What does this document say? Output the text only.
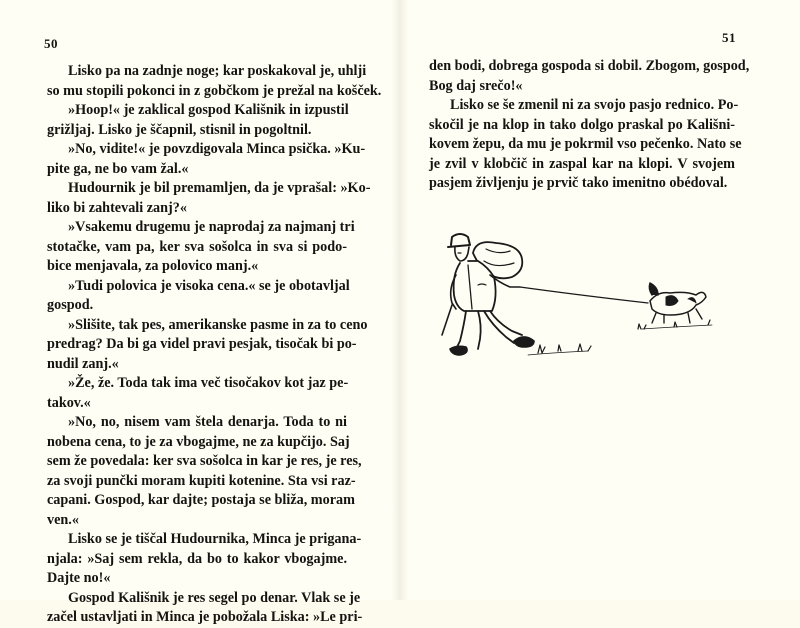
50
Lisko pa na zadnje noge; kar poskakoval je, uhlji
so mu stopili pokonci in z gobčkom je prežal na košček.
»Hoop!« je zaklical gospod Kališnik in izpustil
grižljaj. Lisko je ščapnil, stisnil in pogoltnil.
»No, vidite!« je povzdigovala Minca psička. »Ku-
pite ga, ne bo vam žal.«
Hudournik je bil premamljen, da je vprašal: »Ko-
liko bi zahtevali zanj?«
»Vsakemu drugemu je naprodaj za najmanj tri
stotačke, vam pa, ker sva sošolca in sva si podo-
bice menjavala, za polovico manj.«
»Tudi polovica je visoka cena.« se je obotavljal
gospod.
»Slišite, tak pes, amerikanske pasme in za to ceno
predrag? Da bi ga videl pravi pesjak, tisočak bi po-
nudil zanj.«
»Že, že. Toda tak ima več tisočakov kot jaz pe-
takov.«
»No, no, nisem vam štela denarja. Toda to ni
nobena cena, to je za vbogajme, ne za kupčijo. Saj
sem že povedala: ker sva sošolca in kar je res, je res,
za svoji punčki moram kupiti kotenine. Sta vsi raz-
capani. Gospod, kar dajte; postaja se bliža, moram
ven.«
Lisko se je tiščal Hudournika, Minca je prigana-
njala: »Saj sem rekla, da bo to kakor vbogajme.
Dajte no!«
Gospod Kališnik je res segel po denar. Vlak se je
začel ustavljati in Minca je pobožala Liska: »Le pri-
51
den bodi, dobrega gospoda si dobil. Zbogom, gospod,
Bog daj srečo!«
Lisko se še zmenil ni za svojo pasjo rednico. Po-
skočil je na klop in tako dolgo praskal po Kališni-
kovem žepu, da mu je pokrmil vso pečenko. Nato se
je zvil v klobčič in zaspal kar na klopi. V svojem
pasjem življenju je prvič tako imenitno obédoval.
